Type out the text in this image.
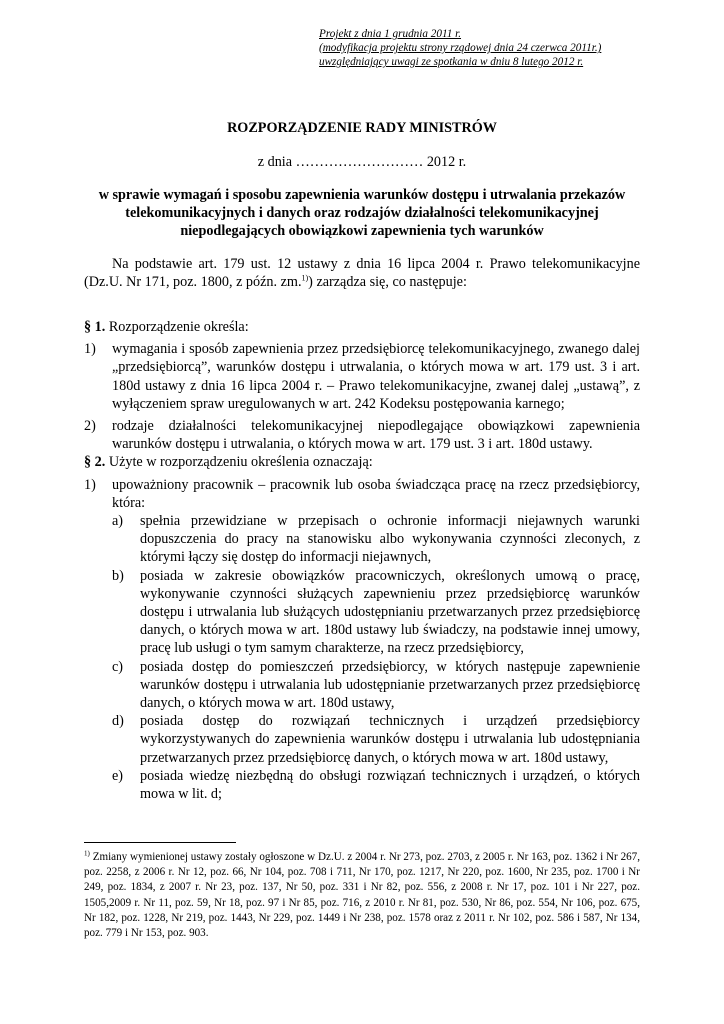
Projekt z dnia 1 grudnia 2011 r.
(modyfikacja projektu strony rządowej dnia 24 czerwca 2011r.)
uwzględniający uwagi ze spotkania w dniu 8 lutego 2012 r.
ROZPORZĄDZENIE RADY MINISTRÓW
z dnia ……………………… 2012 r.
w sprawie wymagań i sposobu zapewnienia warunków dostępu i utrwalania przekazów telekomunikacyjnych i danych oraz rodzajów działalności telekomunikacyjnej niepodlegających obowiązkowi zapewnienia tych warunków
Na podstawie art. 179 ust. 12 ustawy z dnia 16 lipca 2004 r. Prawo telekomunikacyjne (Dz.U. Nr 171, poz. 1800, z późn. zm.$^{1)}$) zarządza się, co następuje:

§ 1. Rozporządzenie określa:

1)	wymagania i sposób zapewnienia przez przedsiębiorcę telekomunikacyjnego, zwanego dalej „przedsiębiorcą”, warunków dostępu i utrwalania, o których mowa w art. 179 ust. 3 i art. 180d ustawy z dnia 16 lipca 2004 r. – Prawo telekomunikacyjne, zwanej dalej „ustawą”, z wyłączeniem spraw uregulowanych w art. 242 Kodeksu postępowania karnego;
2)	rodzaje działalności telekomunikacyjnej niepodlegające obowiązkowi zapewnienia warunków dostępu i utrwalania, o których mowa w art. 179 ust. 3 i art. 180d ustawy.

§ 2. Użyte w rozporządzeniu określenia oznaczają:

1)	upoważniony pracownik – pracownik lub osoba świadcząca pracę na rzecz przedsiębiorcy, która:
a)	spełnia przewidziane w przepisach o ochronie informacji niejawnych warunki dopuszczenia do pracy na stanowisku albo wykonywania czynności zleconych, z którymi łączy się dostęp do informacji niejawnych,
b)	posiada w zakresie obowiązków pracowniczych, określonych umową o pracę, wykonywanie czynności służących zapewnieniu przez przedsiębiorcę warunków dostępu i utrwalania lub służących udostępnianiu przetwarzanych przez przedsiębiorcę danych, o których mowa w art. 180d ustawy lub świadczy, na podstawie innej umowy, pracę lub usługi o tym samym charakterze, na rzecz przedsiębiorcy,
c)	posiada dostęp do pomieszczeń przedsiębiorcy, w których następuje zapewnienie warunków dostępu i utrwalania lub udostępnianie przetwarzanych przez przedsiębiorcę danych, o których mowa w art. 180d ustawy,
d)	posiada dostęp do rozwiązań technicznych i urządzeń przedsiębiorcy wykorzystywanych do zapewnienia warunków dostępu i utrwalania lub udostępniania przetwarzanych przez przedsiębiorcę danych, o których mowa w art. 180d ustawy,
e)	posiada wiedzę niezbędną do obsługi rozwiązań technicznych i urządzeń, o których mowa w lit. d;
$^{1)}$ Zmiany wymienionej ustawy zostały ogłoszone w Dz.U. z 2004 r. Nr 273, poz. 2703, z 2005 r. Nr 163, poz. 1362 i Nr 267, poz. 2258, z 2006 r. Nr 12, poz. 66, Nr 104, poz. 708 i 711, Nr 170, poz. 1217, Nr 220, poz. 1600, Nr 235, poz. 1700 i Nr 249, poz. 1834, z 2007 r. Nr 23, poz. 137, Nr 50, poz. 331 i Nr 82, poz. 556, z 2008 r. Nr 17, poz. 101 i Nr 227, poz. 1505,2009 r. Nr 11, poz. 59, Nr 18, poz. 97 i Nr 85, poz. 716, z 2010 r. Nr 81, poz. 530, Nr 86, poz. 554, Nr 106, poz. 675, Nr 182, poz. 1228, Nr 219, poz. 1443, Nr 229, poz. 1449 i Nr 238, poz. 1578 oraz z 2011 r. Nr 102, poz. 586 i 587, Nr 134, poz. 779 i Nr 153, poz. 903.
